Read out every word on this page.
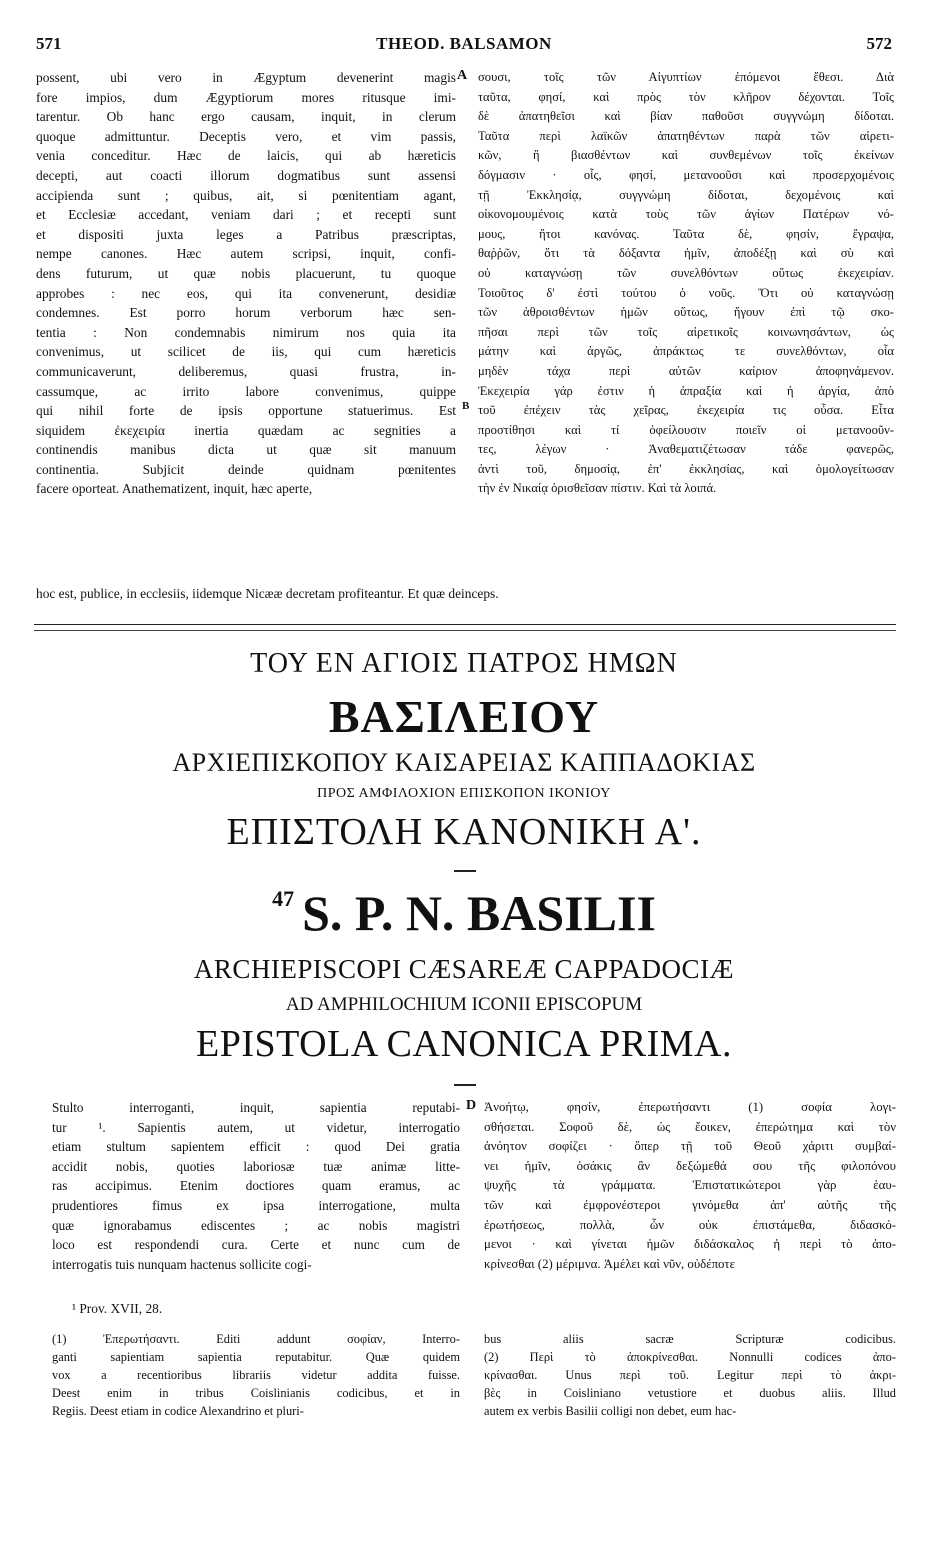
571	THEOD. BALSAMON	572
possent, ubi vero in Ægyptum devenerint magis
fore impios, dum Ægyptiorum mores ritusque imi-
tarentur. Ob hanc ergo causam, inquit, in clerum
quoque admittuntur. Deceptis vero, et vim passis,
venia conceditur. Hæc de laicis, qui ab hæreticis
decepti, aut coacti illorum dogmatibus sunt assensi
accipienda sunt ; quibus, ait, si pœnitentiam agant,
et Ecclesiæ accedant, veniam dari ; et recepti sunt
et dispositi juxta leges a Patribus præscriptas,
nempe canones. Hæc autem scripsi, inquit, confi-
dens futurum, ut quæ nobis placuerunt, tu quoque
approbes : nec eos, qui ita convenerunt, desidiæ
condemnes. Est porro horum verborum hæc sen-
tentia : Non condemnabis nimirum nos quia ita
convenimus, ut scilicet de iis, qui cum hæreticis
communicaverunt, deliberemus, quasi frustra, in-
cassumque, ac irrito labore convenimus, quippe
qui nihil forte de ipsis opportune statuerimus. Est
siquidem ἐκεχειρία inertia quædam ac segnities a
continendis manibus dicta ut quæ sit manuum
continentia. Subjicit deinde quidnam pœnitentes
facere oporteat. Anathematizent, inquit, hæc aperte,
σουσι, τοῖς τῶν Αἰγυπτίων ἑπόμενοι ἔθεσι. Διὰ
ταῦτα, φησί, καὶ πρὸς τὸν κλῆρον δέχονται. Τοῖς
δὲ ἀπατηθεῖσι καὶ βίαν παθοῦσι συγγνώμη δίδοται.
Ταῦτα περὶ λαϊκῶν ἀπατηθέντων παρὰ τῶν αἱρετι-
κῶν, ἢ βιασθέντων καὶ συνθεμένων τοῖς ἐκείνων
δόγμασιν · οἷς, φησί, μετανοοῦσι καὶ προσερχομένοις
τῇ Ἐκκλησίᾳ, συγγνώμη δίδοται, δεχομένοις καὶ
οἰκονομουμένοις κατὰ τοὺς τῶν ἁγίων Πατέρων νό-
μους, ἤτοι κανόνας. Ταῦτα δὲ, φησίν, ἔγραψα,
θαῤῥῶν, ὅτι τὰ δόξαντα ἡμῖν, ἀποδέξῃ καὶ σὺ καὶ
οὐ καταγνώσῃ τῶν συνελθόντων οὕτως ἐκεχειρίαν.
Τοιοῦτος δ' ἐστὶ τούτου ὁ νοῦς. Ὅτι οὐ καταγνώσῃ
τῶν ἀθροισθέντων ἡμῶν οὕτως, ἤγουν ἐπὶ τῷ σκο-
πῆσαι περὶ τῶν τοῖς αἱρετικοῖς κοινωνησάντων, ὡς
μάτην καὶ ἀργῶς, ἀπράκτως τε συνελθόντων, οἷα
μηδὲν τάχα περὶ αὐτῶν καίριον ἀποφηνάμενον.
Ἐκεχειρία γάρ ἐστιν ἡ ἀπραξία καὶ ἡ ἀργία, ἀπὸ
τοῦ ἐπέχειν τὰς χεῖρας, ἐκεχειρία τις οὖσα. Εἶτα
προστίθησι καὶ τί ὀφείλουσιν ποιεῖν οἱ μετανοοῦν-
τες, λέγων · Ἀναθεματιζέτωσαν τάδε φανερῶς,
ἀντὶ τοῦ, δημοσίᾳ, ἐπ' ἐκκλησίας, καὶ ὁμολογείτωσαν
τὴν ἐν Νικαίᾳ ὁρισθεῖσαν πίστιν. Καὶ τὰ λοιπά.
A
B
hoc est, publice, in ecclesiis, iidemque Nicææ decretam profiteantur. Et quæ deinceps.
ΤΟΥ ΕΝ ΑΓΙΟΙΣ ΠΑΤΡΟΣ ΗΜΩΝ
ΒΑΣΙΛΕΙΟΥ
ΑΡΧΙΕΠΙΣΚΟΠΟΥ ΚΑΙΣΑΡΕΙΑΣ ΚΑΠΠΑΔΟΚΙΑΣ
ΠΡΟΣ ΑΜΦΙΛΟΧΙΟΝ ΕΠΙΣΚΟΠΟΝ ΙΚΟΝΙΟΥ
ΕΠΙΣΤΟΛΗ ΚΑΝΟΝΙΚΗ Α'.
$^{47}$ S. P. N. BASILII
ARCHIEPISCOPI CÆSAREÆ CAPPADOCIÆ
AD AMPHILOCHIUM ICONII EPISCOPUM
EPISTOLA CANONICA PRIMA.
D
Stulto interroganti, inquit, sapientia reputabi-
tur ¹. Sapientis autem, ut videtur, interrogatio
etiam stultum sapientem efficit : quod Dei gratia
accidit nobis, quoties laboriosæ tuæ animæ litte-
ras accipimus. Etenim doctiores quam eramus, ac
prudentiores fimus ex ipsa interrogatione, multa
quæ ignorabamus ediscentes ; ac nobis magistri
loco est respondendi cura. Certe et nunc cum de
interrogatis tuis nunquam hactenus sollicite cogi-
Ἀνοήτῳ, φησίν, ἐπερωτήσαντι (1) σοφία λογι-
σθήσεται. Σοφοῦ δὲ, ὡς ἔοικεν, ἐπερώτημα καὶ τὸν
ἀνόητον σοφίζει · ὅπερ τῇ τοῦ Θεοῦ χάριτι συμβαί-
νει ἡμῖν, ὁσάκις ἂν δεξώμεθά σου τῆς φιλοπόνου
ψυχῆς τὰ γράμματα. Ἐπιστατικώτεροι γὰρ ἑαυ-
τῶν καὶ ἐμφρονέστεροι γινόμεθα ἀπ' αὐτῆς τῆς
ἐρωτήσεως, πολλὰ, ὧν οὐκ ἐπιστάμεθα, διδασκό-
μενοι · καὶ γίνεται ἡμῶν διδάσκαλος ἡ περὶ τὸ ἀπο-
κρίνεσθαι (2) μέριμνα. Ἀμέλει καὶ νῦν, οὐδέποτε
¹ Prov. XVII, 28.
(1) Ἐπερωτήσαντι. Editi addunt σοφίαν, Interro-
ganti sapientiam sapientia reputabitur. Quæ quidem
vox a recentioribus librariis videtur addita fuisse.
Deest enim in tribus Coislinianis codicibus, et in
Regiis. Deest etiam in codice Alexandrino et pluri-
bus aliis sacræ Scripturæ codicibus.
(2) Περὶ τὸ ἀποκρίνεσθαι. Nonnulli codices ἀπο-
κρίνασθαι. Unus περὶ τοῦ. Legitur περὶ τὸ ἀκρι-
βὲς in Coisliniano vetustiore et duobus aliis. Illud
autem ex verbis Basilii colligi non debet, eum hac-
